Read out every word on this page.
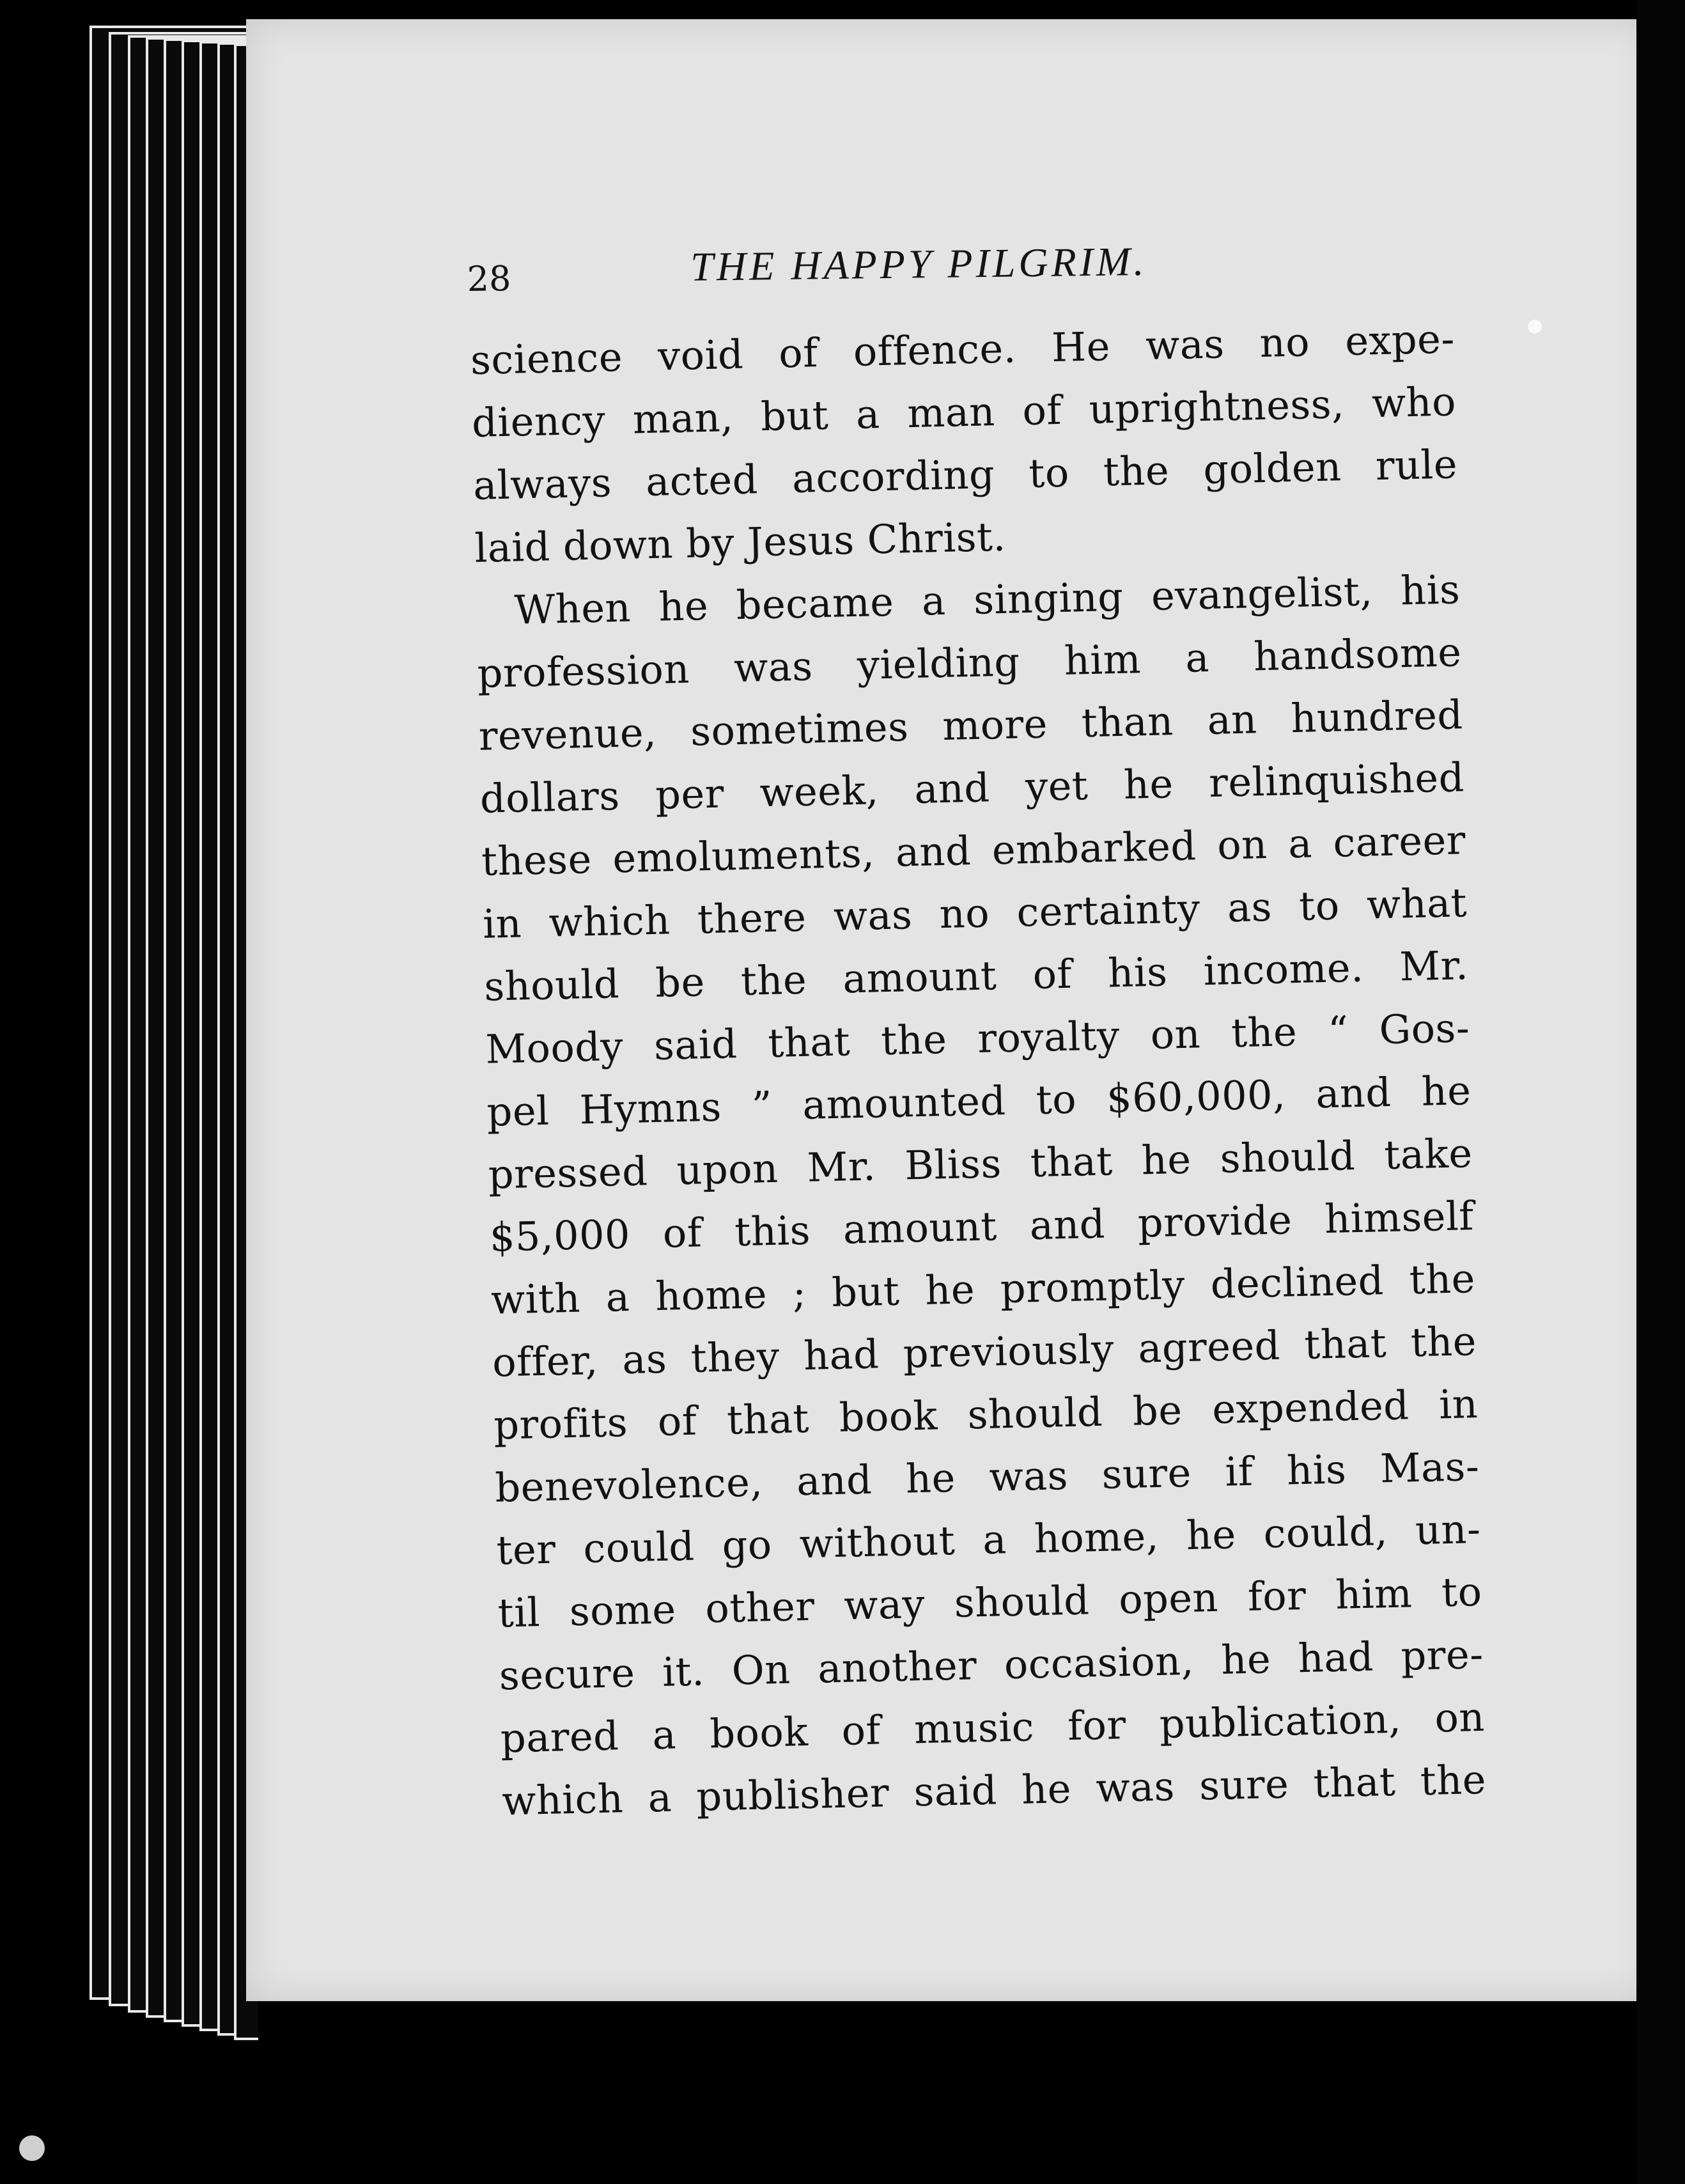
28	THE HAPPY PILGRIM.
science void of offence. He was no expe-
diency man, but a man of uprightness, who
always acted according to the golden rule
laid down by Jesus Christ.
When he became a singing evangelist, his
profession was yielding him a handsome
revenue, sometimes more than an hundred
dollars per week, and yet he relinquished
these emoluments, and embarked on a career
in which there was no certainty as to what
should be the amount of his income. Mr.
Moody said that the royalty on the “ Gos-
pel Hymns ” amounted to $60,000, and he
pressed upon Mr. Bliss that he should take
$5,000 of this amount and provide himself
with a home ; but he promptly declined the
offer, as they had previously agreed that the
profits of that book should be expended in
benevolence, and he was sure if his Mas-
ter could go without a home, he could, un-
til some other way should open for him to
secure it. On another occasion, he had pre-
pared a book of music for publication, on
which a publisher said he was sure that the
